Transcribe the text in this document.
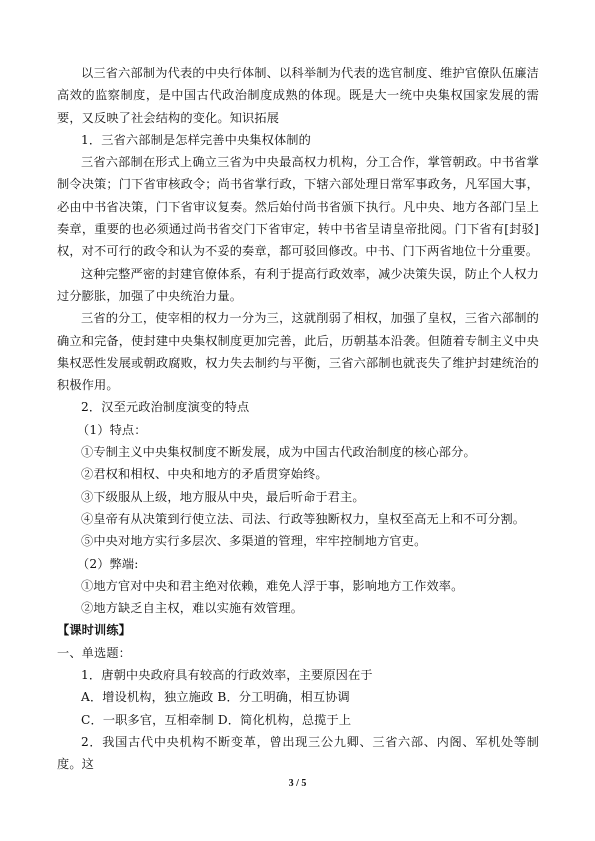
以三省六部制为代表的中央行体制、以科举制为代表的选官制度、维护官僚队伍廉洁高效的监察制度，是中国古代政治制度成熟的体现。既是大一统中央集权国家发展的需要，又反映了社会结构的变化。知识拓展

1．三省六部制是怎样完善中央集权体制的

三省六部制在形式上确立三省为中央最高权力机构，分工合作，掌管朝政。中书省掌制令决策；门下省审核政令；尚书省掌行政，下辖六部处理日常军事政务，凡军国大事，必由中书省决策，门下省审议复奏。然后始付尚书省颁下执行。凡中央、地方各部门呈上奏章，重要的也必须通过尚书省交门下省审定，转中书省呈请皇帝批阅。门下省有[封驳]权，对不可行的政令和认为不妥的奏章，都可驳回修改。中书、门下两省地位十分重要。

这种完整严密的封建官僚体系，有利于提高行政效率，减少决策失误，防止个人权力过分膨胀，加强了中央统治力量。

三省的分工，使宰相的权力一分为三，这就削弱了相权，加强了皇权，三省六部制的确立和完备，使封建中央集权制度更加完善，此后，历朝基本沿袭。但随着专制主义中央集权恶性发展或朝政腐败，权力失去制约与平衡，三省六部制也就丧失了维护封建统治的积极作用。

2．汉至元政治制度演变的特点

（1）特点：

①专制主义中央集权制度不断发展，成为中国古代政治制度的核心部分。

②君权和相权、中央和地方的矛盾贯穿始终。

③下级服从上级，地方服从中央，最后听命于君主。

④皇帝有从决策到行使立法、司法、行政等独断权力，皇权至高无上和不可分割。

⑤中央对地方实行多层次、多渠道的管理，牢牢控制地方官吏。

（2）弊端:

①地方官对中央和君主绝对依赖，难免人浮于事，影响地方工作效率。

②地方缺乏自主权，难以实施有效管理。

【课时训练】

一、单选题：

1．唐朝中央政府具有较高的行政效率，主要原因在于

A．增设机构，独立施政 B．分工明确，相互协调

C．一职多官，互相牵制 D．简化机构，总揽于上

2．我国古代中央机构不断变革，曾出现三公九卿、三省六部、内阁、军机处等制度。这

3 / 5
